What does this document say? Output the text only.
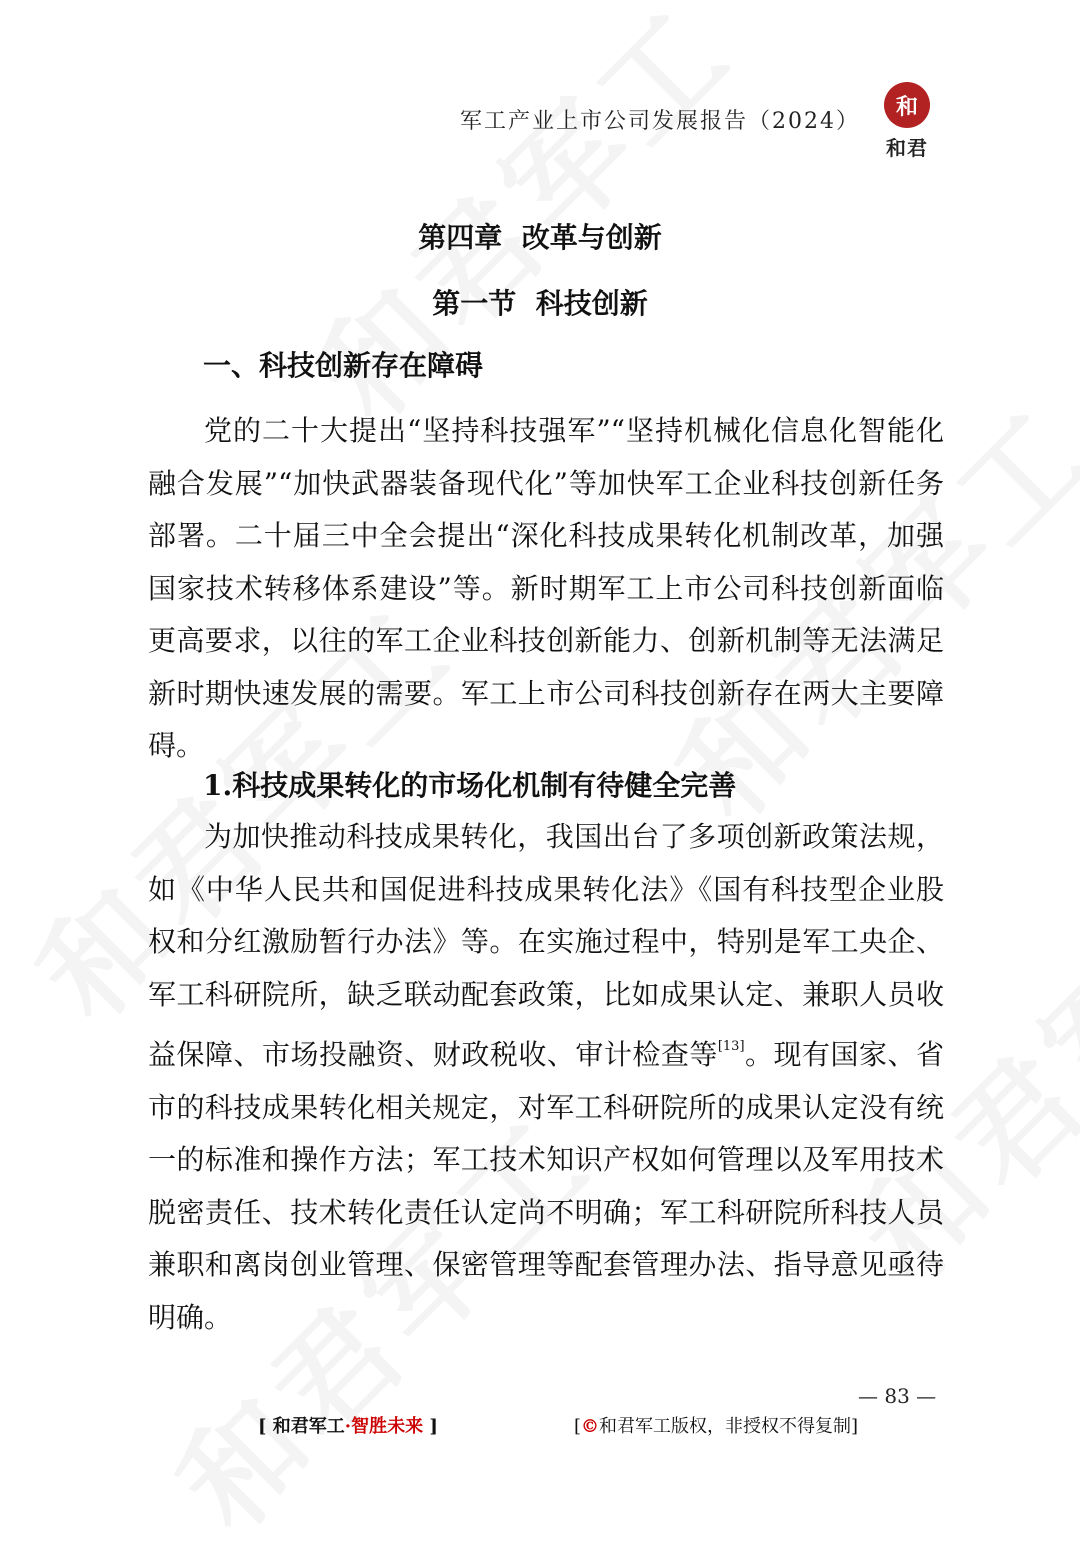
军工产业上市公司发展报告（2024）
和
和君
第四章  改革与创新
第一节  科技创新
一、科技创新存在障碍

党的二十大提出“坚持科技强军”“坚持机械化信息化智能化融合发展”“加快武器装备现代化”等加快军工企业科技创新任务部署。二十届三中全会提出“深化科技成果转化机制改革，加强国家技术转移体系建设”等。新时期军工上市公司科技创新面临更高要求，以往的军工企业科技创新能力、创新机制等无法满足新时期快速发展的需要。军工上市公司科技创新存在两大主要障碍。

1.科技成果转化的市场化机制有待健全完善

为加快推动科技成果转化，我国出台了多项创新政策法规，如《中华人民共和国促进科技成果转化法》《国有科技型企业股权和分红激励暂行办法》等。在实施过程中，特别是军工央企、军工科研院所，缺乏联动配套政策，比如成果认定、兼职人员收益保障、市场投融资、财政税收、审计检查等[13]。现有国家、省市的科技成果转化相关规定，对军工科研院所的成果认定没有统一的标准和操作方法；军工技术知识产权如何管理以及军用技术脱密责任、技术转化责任认定尚不明确；军工科研院所科技人员兼职和离岗创业管理、保密管理等配套管理办法、指导意见亟待明确。

— 83 —
[ 和君军工·智胜未来 ]	[©和君军工版权，非授权不得复制]
